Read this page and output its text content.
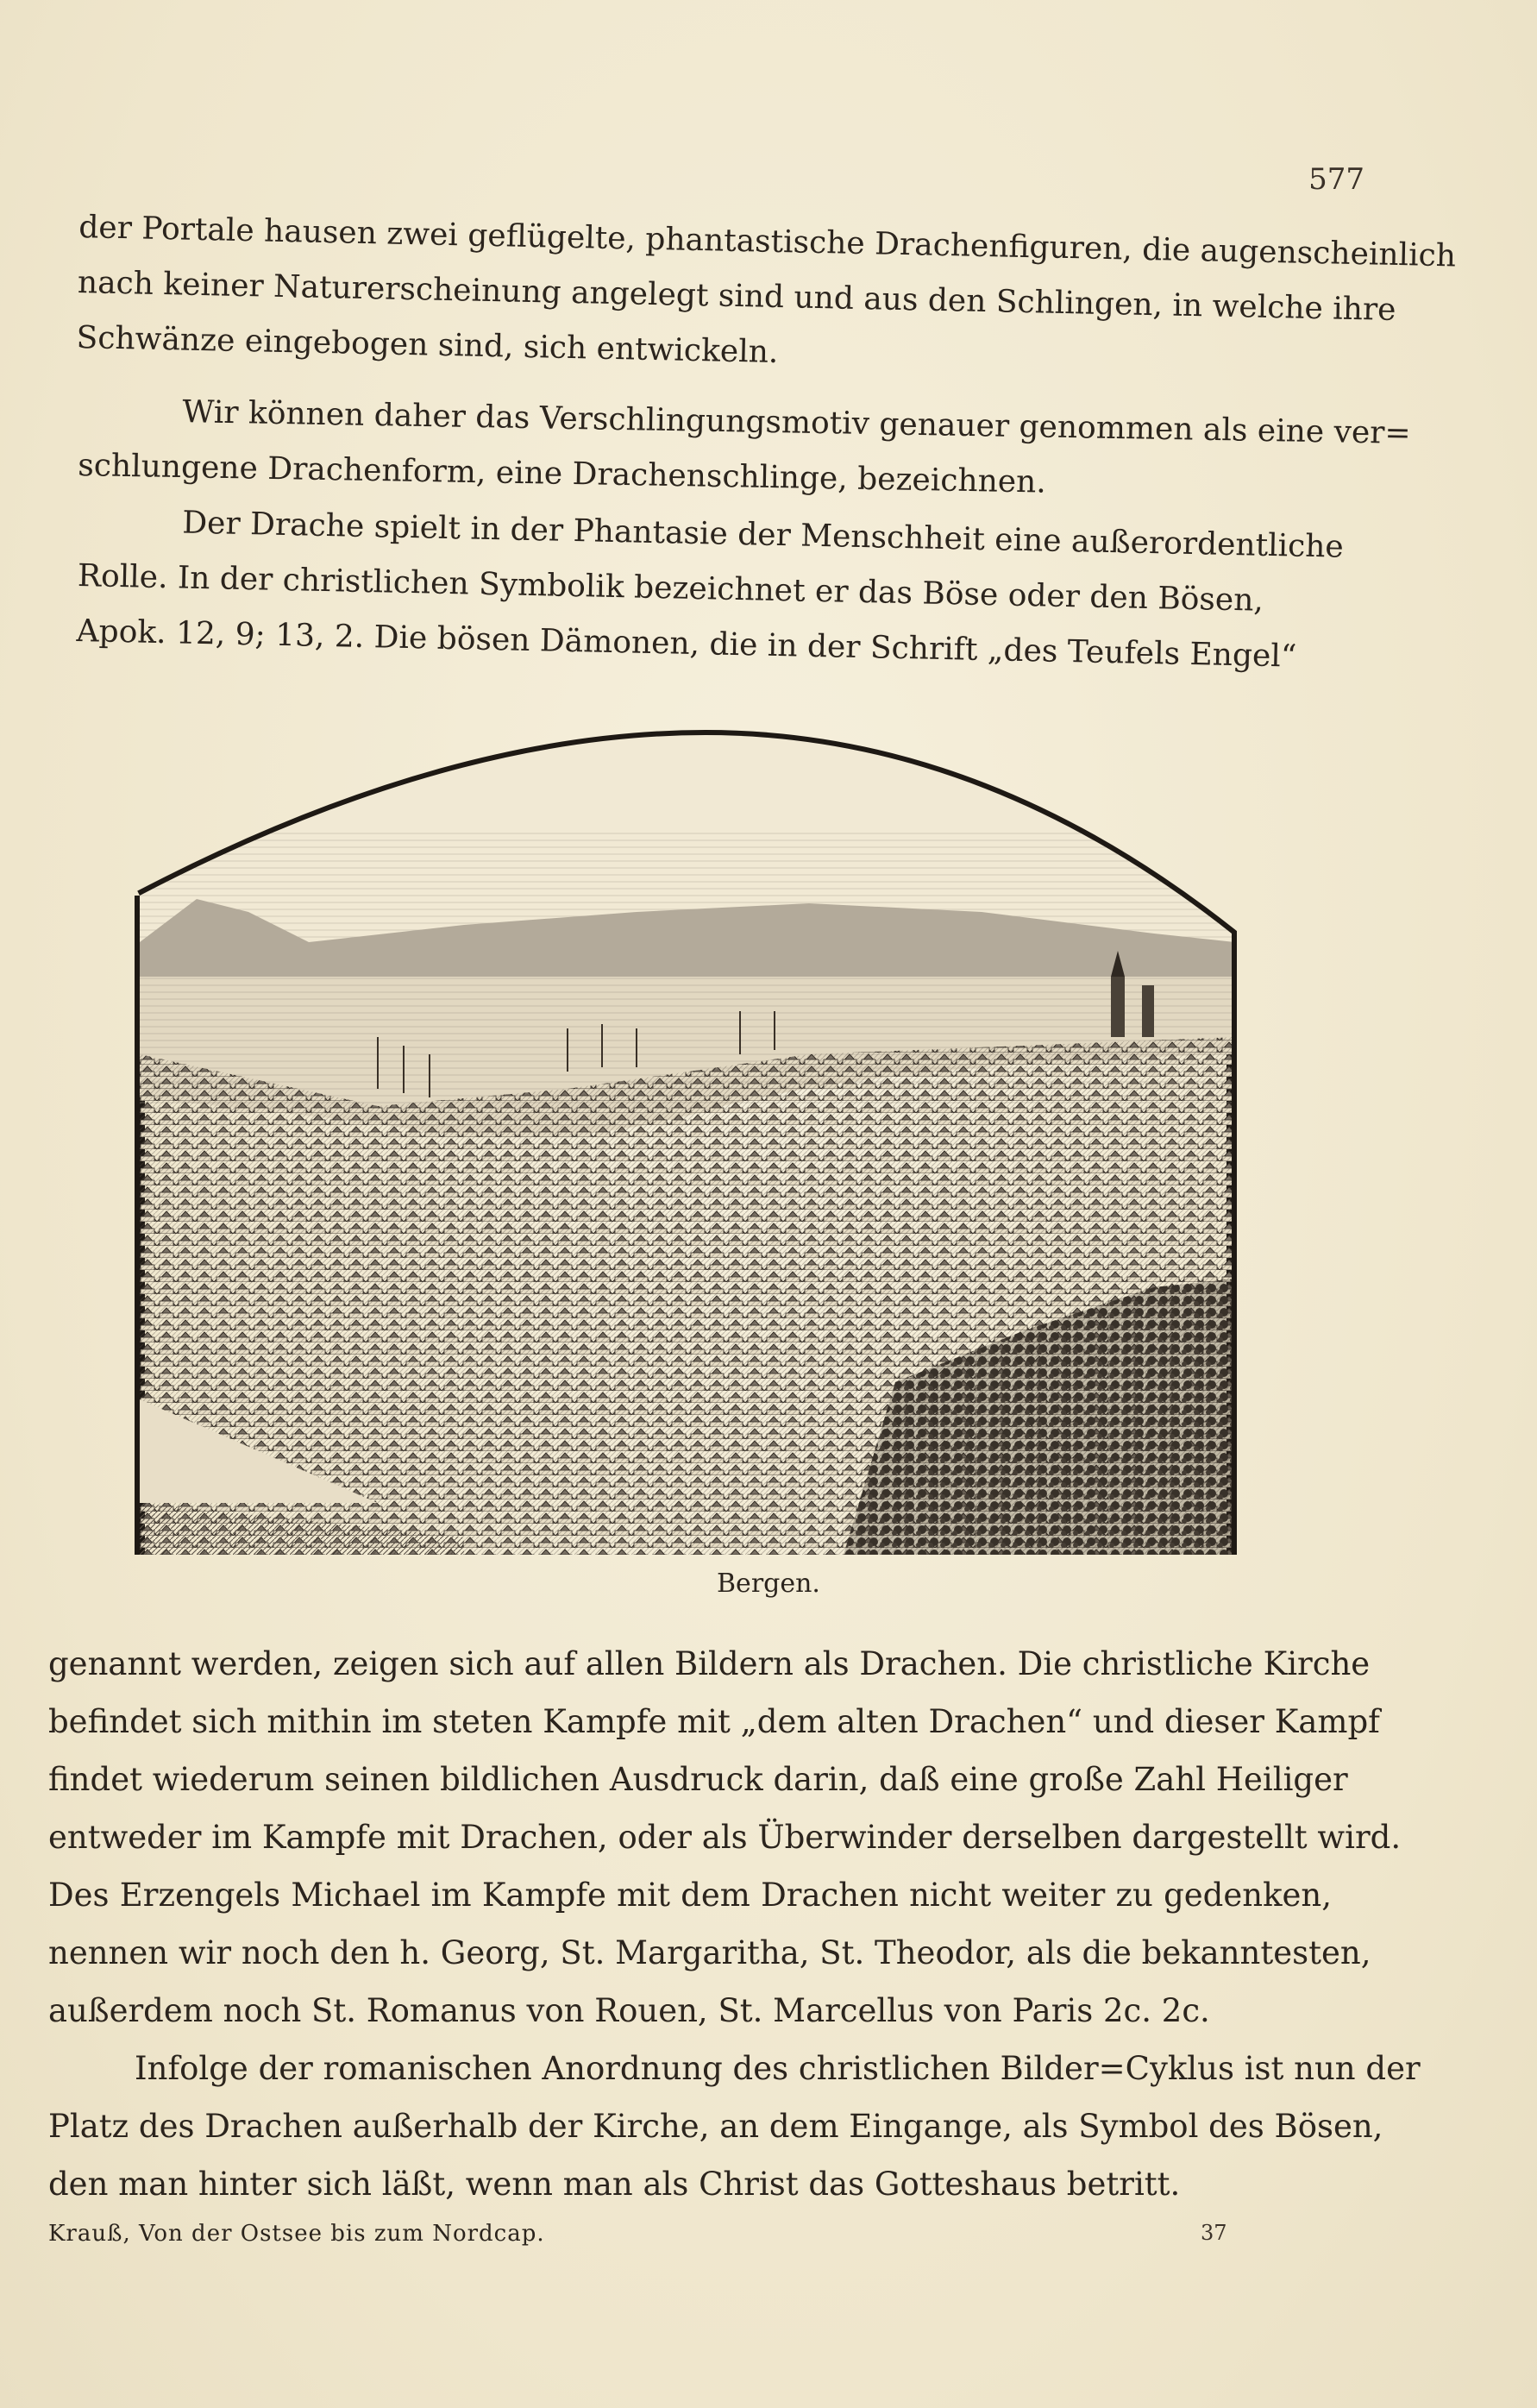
577
der Portale hausen zwei geflügelte, phantastische Drachenfiguren, die augenscheinlich
nach keiner Naturerscheinung angelegt sind und aus den Schlingen, in welche ihre
Schwänze eingebogen sind, sich entwickeln.
Wir können daher das Verschlingungsmotiv genauer genommen als eine ver=
schlungene Drachenform, eine Drachenschlinge, bezeichnen.
Der Drache spielt in der Phantasie der Menschheit eine außerordentliche
Rolle. In der christlichen Symbolik bezeichnet er das Böse oder den Bösen,
Apok. 12, 9; 13, 2. Die bösen Dämonen, die in der Schrift „des Teufels Engel“
Bergen.
genannt werden, zeigen sich auf allen Bildern als Drachen. Die christliche Kirche
befindet sich mithin im steten Kampfe mit „dem alten Drachen“ und dieser Kampf
findet wiederum seinen bildlichen Ausdruck darin, daß eine große Zahl Heiliger
entweder im Kampfe mit Drachen, oder als Überwinder derselben dargestellt wird.
Des Erzengels Michael im Kampfe mit dem Drachen nicht weiter zu gedenken,
nennen wir noch den h. Georg, St. Margaritha, St. Theodor, als die bekanntesten,
außerdem noch St. Romanus von Rouen, St. Marcellus von Paris 2c. 2c.
Infolge der romanischen Anordnung des christlichen Bilder=Cyklus ist nun der
Platz des Drachen außerhalb der Kirche, an dem Eingange, als Symbol des Bösen,
den man hinter sich läßt, wenn man als Christ das Gotteshaus betritt.
Krauß, Von der Ostsee bis zum Nordcap.	37
